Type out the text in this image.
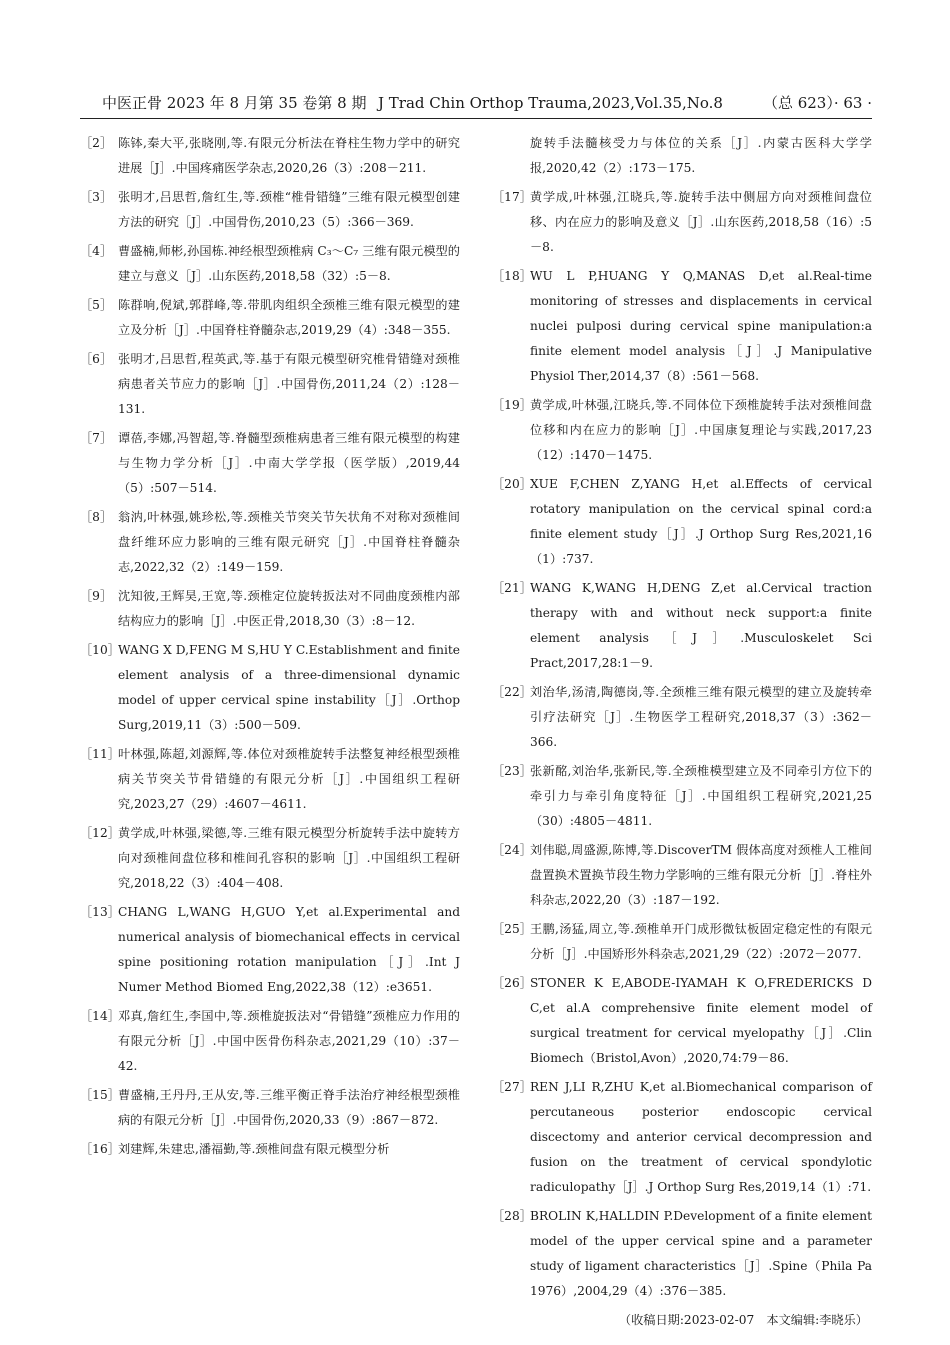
中医正骨 2023 年 8 月第 35 卷第 8 期 J Trad Chin Orthop Trauma,2023,Vol.35,No.8	（总 623）· 63 ·
［2］ 陈钵,秦大平,张晓刚,等.有限元分析法在脊柱生物力学中的研究进展［J］.中国疼痛医学杂志,2020,26（3）:208－211.
［3］ 张明才,吕思哲,詹红生,等.颈椎“椎骨错缝”三维有限元模型创建方法的研究［J］.中国骨伤,2010,23（5）:366－369.
［4］ 曹盛楠,师彬,孙国栋.神经根型颈椎病 C₃～C₇ 三维有限元模型的建立与意义［J］.山东医药,2018,58（32）:5－8.
［5］ 陈群响,倪斌,郭群峰,等.带肌肉组织全颈椎三维有限元模型的建立及分析［J］.中国脊柱脊髓杂志,2019,29（4）:348－355.
［6］ 张明才,吕思哲,程英武,等.基于有限元模型研究椎骨错缝对颈椎病患者关节应力的影响［J］.中国骨伤,2011,24（2）:128－131.
［7］ 谭蓓,李娜,冯智超,等.脊髓型颈椎病患者三维有限元模型的构建与生物力学分析［J］.中南大学学报（医学版）,2019,44（5）:507－514.
［8］ 翁汭,叶林强,姚珍松,等.颈椎关节突关节矢状角不对称对颈椎间盘纤维环应力影响的三维有限元研究［J］.中国脊柱脊髓杂志,2022,32（2）:149－159.
［9］ 沈知彼,王辉昊,王宽,等.颈椎定位旋转扳法对不同曲度颈椎内部结构应力的影响［J］.中医正骨,2018,30（3）:8－12.
［10］
WANG X D,FENG M S,HU Y C.Establishment and finite element analysis of a three-dimensional dynamic model of upper cervical spine instability［J］.Orthop Surg,2019,11（3）:500－509.
［11］
叶林强,陈超,刘源辉,等.体位对颈椎旋转手法整复神经根型颈椎病关节突关节骨错缝的有限元分析［J］.中国组织工程研究,2023,27（29）:4607－4611.
［12］
黄学成,叶林强,梁德,等.三维有限元模型分析旋转手法中旋转方向对颈椎间盘位移和椎间孔容积的影响［J］.中国组织工程研究,2018,22（3）:404－408.
［13］
CHANG L,WANG H,GUO Y,et al.Experimental and numerical analysis of biomechanical effects in cervical spine positioning rotation manipulation［J］.Int J Numer Method Biomed Eng,2022,38（12）:e3651.
［14］
邓真,詹红生,李国中,等.颈椎旋扳法对“骨错缝”颈椎应力作用的有限元分析［J］.中国中医骨伤科杂志,2021,29（10）:37－42.
［15］
曹盛楠,王丹丹,王从安,等.三维平衡正脊手法治疗神经根型颈椎病的有限元分析［J］.中国骨伤,2020,33（9）:867－872.
［16］
刘建辉,朱建忠,潘福勤,等.颈椎间盘有限元模型分析
旋转手法髓核受力与体位的关系［J］.内蒙古医科大学学报,2020,42（2）:173－175.
［17］
黄学成,叶林强,江晓兵,等.旋转手法中侧屈方向对颈椎间盘位移、内在应力的影响及意义［J］.山东医药,2018,58（16）:5－8.
［18］
WU L P,HUANG Y Q,MANAS D,et al.Real-time monitoring of stresses and displacements in cervical nuclei pulposi during cervical spine manipulation:a finite element model analysis［J］.J Manipulative Physiol Ther,2014,37（8）:561－568.
［19］
黄学成,叶林强,江晓兵,等.不同体位下颈椎旋转手法对颈椎间盘位移和内在应力的影响［J］.中国康复理论与实践,2017,23（12）:1470－1475.
［20］
XUE F,CHEN Z,YANG H,et al.Effects of cervical rotatory manipulation on the cervical spinal cord:a finite element study［J］.J Orthop Surg Res,2021,16（1）:737.
［21］
WANG K,WANG H,DENG Z,et al.Cervical traction therapy with and without neck support:a finite element analysis［J］.Musculoskelet Sci Pract,2017,28:1－9.
［22］
刘治华,汤清,陶德岗,等.全颈椎三维有限元模型的建立及旋转牵引疗法研究［J］.生物医学工程研究,2018,37（3）:362－366.
［23］
张新酩,刘治华,张新民,等.全颈椎模型建立及不同牵引方位下的牵引力与牵引角度特征［J］.中国组织工程研究,2021,25（30）:4805－4811.
［24］
刘伟聪,周盛源,陈博,等.DiscoverTM 假体高度对颈椎人工椎间盘置换术置换节段生物力学影响的三维有限元分析［J］.脊柱外科杂志,2022,20（3）:187－192.
［25］
王鹏,汤猛,周立,等.颈椎单开门成形微钛板固定稳定性的有限元分析［J］.中国矫形外科杂志,2021,29（22）:2072－2077.
［26］
STONER K E,ABODE-IYAMAH K O,FREDERICKS D C,et al.A comprehensive finite element model of surgical treatment for cervical myelopathy［J］.Clin Biomech（Bristol,Avon）,2020,74:79－86.
［27］
REN J,LI R,ZHU K,et al.Biomechanical comparison of percutaneous posterior endoscopic cervical discectomy and anterior cervical decompression and fusion on the treatment of cervical spondylotic radiculopathy［J］.J Orthop Surg Res,2019,14（1）:71.
［28］
BROLIN K,HALLDIN P.Development of a finite element model of the upper cervical spine and a parameter study of ligament characteristics［J］.Spine（Phila Pa 1976）,2004,29（4）:376－385.
（收稿日期:2023-02-07　本文编辑:李晓乐）
